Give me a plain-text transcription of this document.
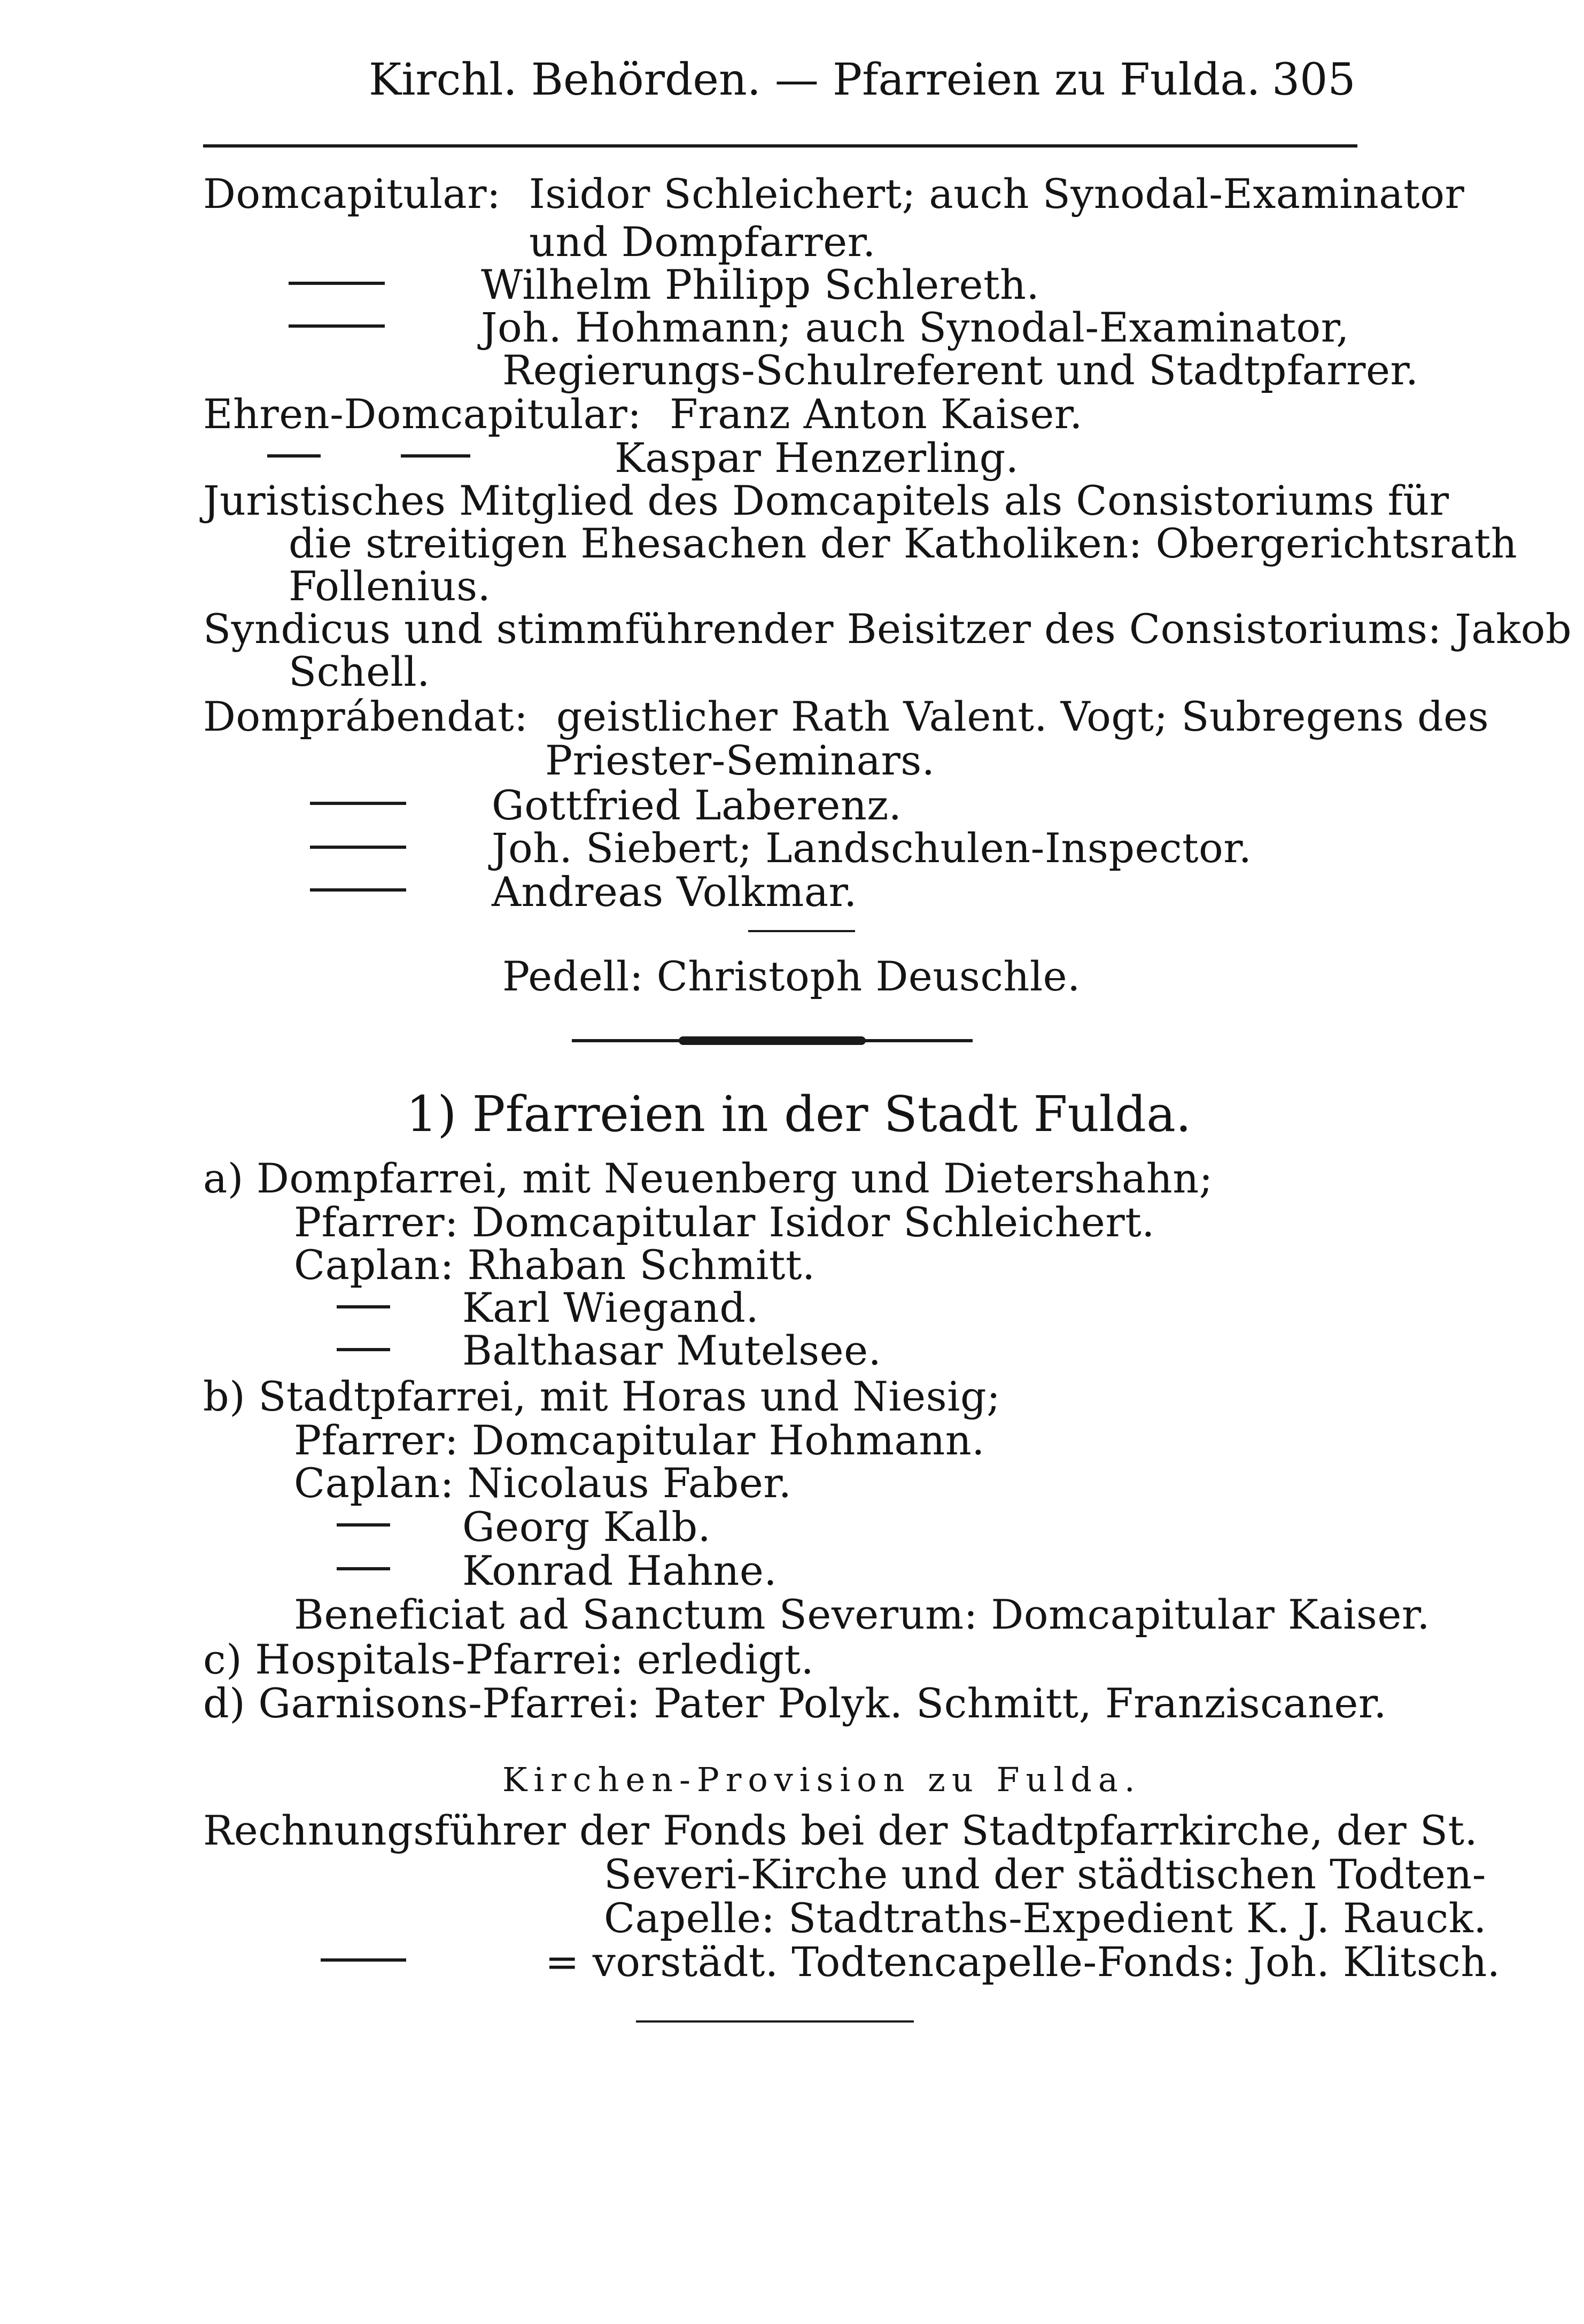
Kirchl. Behörden. — Pfarreien zu Fulda. 305
Domcapitular: Isidor Schleichert; auch Synodal-Examinator
und Dompfarrer.
Wilhelm Philipp Schlereth.
Joh. Hohmann; auch Synodal-Examinator,
Regierungs-Schulreferent und Stadtpfarrer.
Ehren-Domcapitular: Franz Anton Kaiser.
Kaspar Henzerling.
Juristisches Mitglied des Domcapitels als Consistoriums für
die streitigen Ehesachen der Katholiken: Obergerichtsrath
Follenius.
Syndicus und stimmführender Beisitzer des Consistoriums: Jakob
Schell.
Domprábendat: geistlicher Rath Valent. Vogt; Subregens des
Priester-Seminars.
Gottfried Laberenz.
Joh. Siebert; Landschulen-Inspector.
Andreas Volkmar.
Pedell: Christoph Deuschle.
1) Pfarreien in der Stadt Fulda.
a) Dompfarrei, mit Neuenberg und Dietershahn;
Pfarrer: Domcapitular Isidor Schleichert.
Caplan: Rhaban Schmitt.
Karl Wiegand.
Balthasar Mutelsee.
b) Stadtpfarrei, mit Horas und Niesig;
Pfarrer: Domcapitular Hohmann.
Caplan: Nicolaus Faber.
Georg Kalb.
Konrad Hahne.
Beneficiat ad Sanctum Severum: Domcapitular Kaiser.
c) Hospitals-Pfarrei: erledigt.
d) Garnisons-Pfarrei: Pater Polyk. Schmitt, Franziscaner.
Kirchen-Provision zu Fulda.
Rechnungsführer der Fonds bei der Stadtpfarrkirche, der St.
Severi-Kirche und der städtischen Todten-
Capelle: Stadtraths-Expedient K. J. Rauck.
= vorstädt. Todtencapelle-Fonds: Joh. Klitsch.
